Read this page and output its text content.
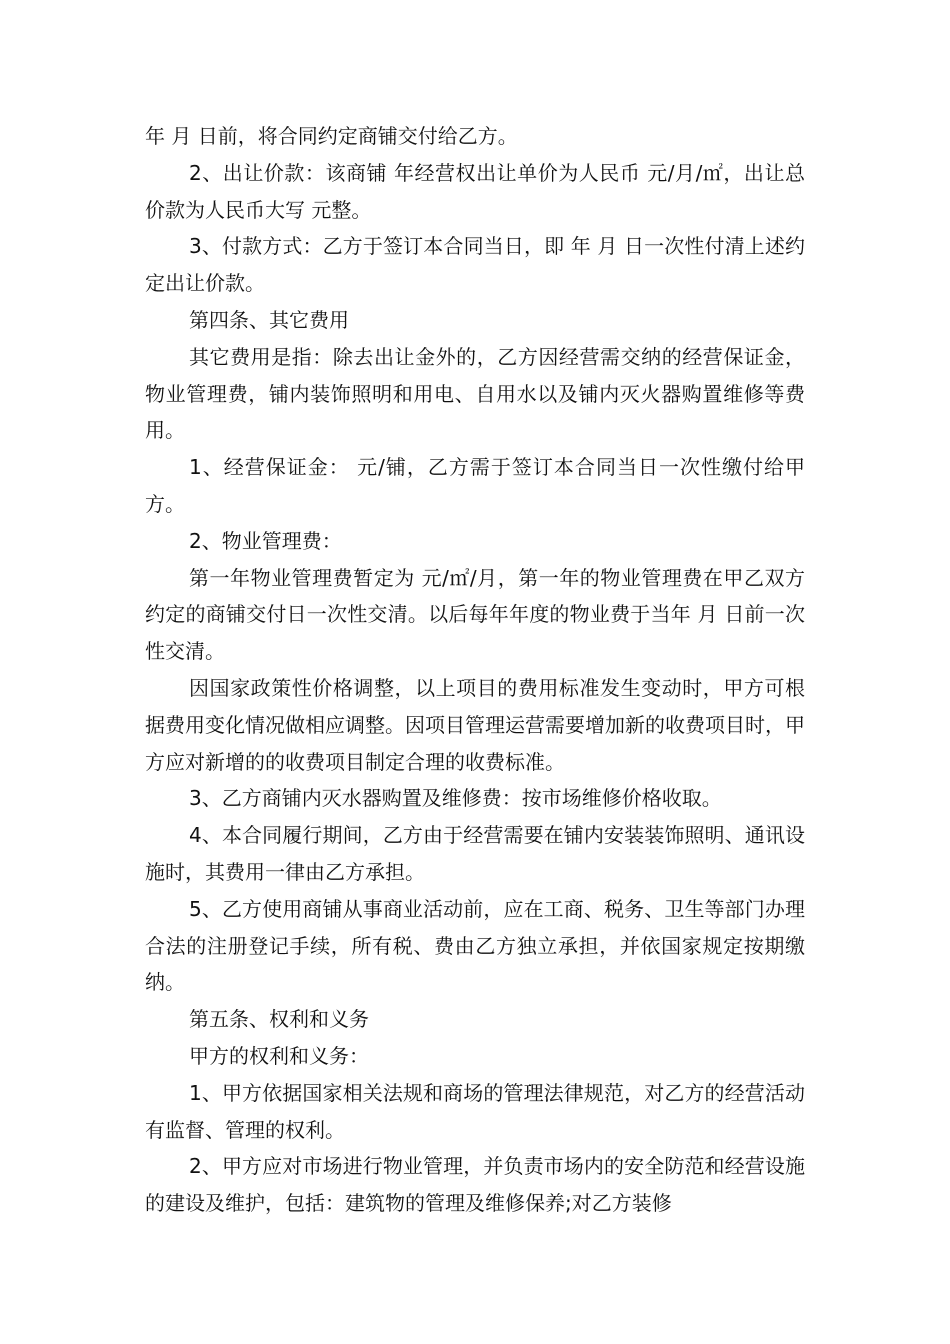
年 月 日前，将合同约定商铺交付给乙方。

2、出让价款：该商铺 年经营权出让单价为人民币 元/月/㎡，出让总价款为人民币大写 元整。

3、付款方式：乙方于签订本合同当日，即 年 月 日一次性付清上述约定出让价款。

第四条、其它费用

其它费用是指：除去出让金外的，乙方因经营需交纳的经营保证金，物业管理费，铺内装饰照明和用电、自用水以及铺内灭火器购置维修等费用。

1、经营保证金： 元/铺，乙方需于签订本合同当日一次性缴付给甲方。

2、物业管理费：

第一年物业管理费暂定为 元/㎡/月，第一年的物业管理费在甲乙双方约定的商铺交付日一次性交清。以后每年年度的物业费于当年 月 日前一次性交清。

因国家政策性价格调整，以上项目的费用标准发生变动时，甲方可根据费用变化情况做相应调整。因项目管理运营需要增加新的收费项目时，甲方应对新增的的收费项目制定合理的收费标准。

3、乙方商铺内灭水器购置及维修费：按市场维修价格收取。

4、本合同履行期间，乙方由于经营需要在铺内安装装饰照明、通讯设施时，其费用一律由乙方承担。

5、乙方使用商铺从事商业活动前，应在工商、税务、卫生等部门办理合法的注册登记手续，所有税、费由乙方独立承担，并依国家规定按期缴纳。

第五条、权利和义务

甲方的权利和义务：

1、甲方依据国家相关法规和商场的管理法律规范，对乙方的经营活动有监督、管理的权利。

2、甲方应对市场进行物业管理，并负责市场内的安全防范和经营设施的建设及维护，包括：建筑物的管理及维修保养;对乙方装修
